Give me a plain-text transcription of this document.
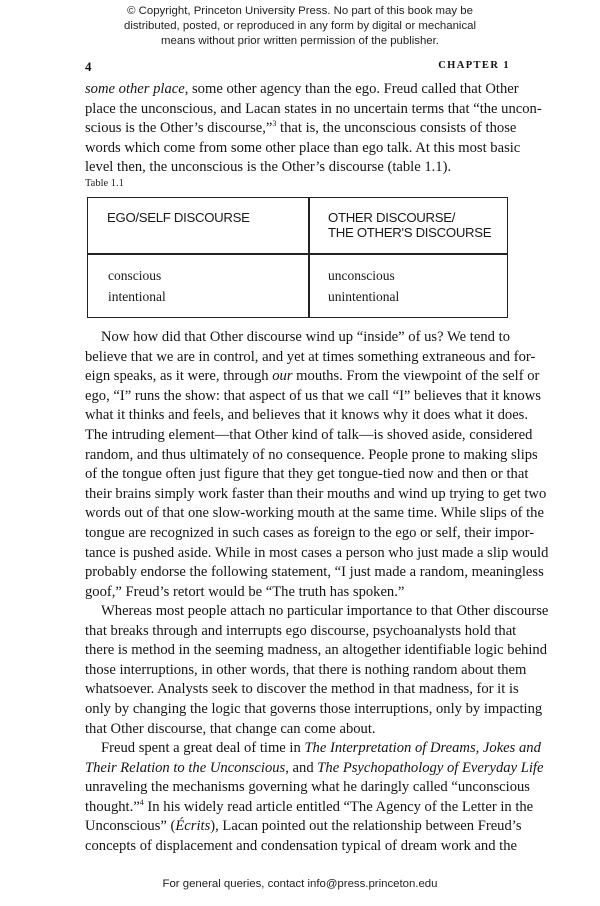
© Copyright, Princeton University Press. No part of this book may be
distributed, posted, or reproduced in any form by digital or mechanical
means without prior written permission of the publisher.
4	CHAPTER 1
some other place, some other agency than the ego. Freud called that Other
place the unconscious, and Lacan states in no uncertain terms that “the uncon-
scious is the Other’s discourse,”$^3$ that is, the unconscious consists of those
words which come from some other place than ego talk. At this most basic
level then, the unconscious is the Other’s discourse (table 1.1).
Table 1.1
EGO/SELF DISCOURSE	OTHER DISCOURSE/
THE OTHER'S DISCOURSE
conscious
intentional
unconscious
unintentional
Now how did that Other discourse wind up “inside” of us? We tend to
believe that we are in control, and yet at times something extraneous and for-
eign speaks, as it were, through our mouths. From the viewpoint of the self or
ego, “I” runs the show: that aspect of us that we call “I” believes that it knows
what it thinks and feels, and believes that it knows why it does what it does.
The intruding element—that Other kind of talk—is shoved aside, considered
random, and thus ultimately of no consequence. People prone to making slips
of the tongue often just figure that they get tongue-tied now and then or that
their brains simply work faster than their mouths and wind up trying to get two
words out of that one slow-working mouth at the same time. While slips of the
tongue are recognized in such cases as foreign to the ego or self, their impor-
tance is pushed aside. While in most cases a person who just made a slip would
probably endorse the following statement, “I just made a random, meaningless
goof,” Freud’s retort would be “The truth has spoken.”
Whereas most people attach no particular importance to that Other discourse
that breaks through and interrupts ego discourse, psychoanalysts hold that
there is method in the seeming madness, an altogether identifiable logic behind
those interruptions, in other words, that there is nothing random about them
whatsoever. Analysts seek to discover the method in that madness, for it is
only by changing the logic that governs those interruptions, only by impacting
that Other discourse, that change can come about.
Freud spent a great deal of time in The Interpretation of Dreams, Jokes and
Their Relation to the Unconscious, and The Psychopathology of Everyday Life
unraveling the mechanisms governing what he daringly called “unconscious
thought.”$^4$ In his widely read article entitled “The Agency of the Letter in the
Unconscious” (Écrits), Lacan pointed out the relationship between Freud’s
concepts of displacement and condensation typical of dream work and the
For general queries, contact info@press.princeton.edu
